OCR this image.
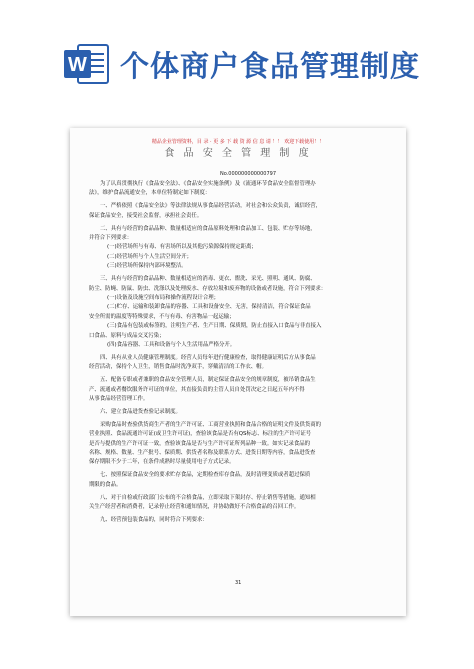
W 个体商户食品管理制度
精品企业管理资料，目 录 · 更 多 下 载 资 源 信 息 请 ！！ 欢迎下载使用！！
食 品 安 全 管 理 制 度
No.000000000000797
为了认真贯彻执行《食品安全法》、《食品安全实施条例》及《流通环节食品安全监督管理办
法》，维护食品流通安全，本单位特制定如下制度：
一、严格依照《食品安全法》等法律法规从事食品经营活动，对社会和公众负责，诚信经营，
保证食品安全，接受社会监督，承担社会责任。
二、具有与经营的食品品种、数量相适应的食品原料处理和食品加工、包装、贮存等场地，
并符合下列要求：
(一)经营场所与有毒、有害场所以及其他污染源保持规定距离；
(二)经营场所与个人生活空间分开；
(三)经营场所保持内部环境整洁。
三、具有与经营的食品品种、数量相适应的消毒、更衣、盥洗、采光、照明、通风、防腐、
防尘、防蝇、防鼠、防虫、洗涤以及处理废水、存放垃圾和废弃物的设备或者设施，符合下列要求：
(一)设备及设施空间布局和操作流程设计合理；
(二)贮存、运输和装卸食品的容器、工具和设备安全、无害，保持清洁，符合保证食品
安全所需的温度等特殊要求，不与有毒、有害物品一起运输；
(三)食品有包装或标签的，注明生产者、生产日期、保质期，防止直接入口食品与非直接入
口食品、原料与成品交叉污染；
(四)食品容器、工具和设备与个人生活用品严格分开。
四、具有从业人员健康管理制度。经营人员每年进行健康检查，取得健康证明后方从事食品
经营活动，保持个人卫生，销售食品时洗净双手，穿戴清洁的工作衣、帽。
五、配备专职或者兼职的食品安全管理人员，制定保证食品安全的规章制度，被吊销食品生
产、流通或者餐饮服务许可证的单位，其直接负责的主管人员自处罚决定之日起五年内不得
从事食品经营管理工作。
六、建立食品进货查验记录制度。
采购食品时查验供货商生产者的生产许可证、工商营业执照和食品合格的证明文件及供货商的
营业执照、食品流通许可证(或卫生许可证)，查验该食品是否有QS标志、标注的生产许可证号
是否与提供的生产许可证一致，查验该食品是否与生产许可证所列品种一致。如实记录食品的
名称、规格、数量、生产批号、保质期、供货者名称及联系方式、进货日期等内容，食品进货查
保存期限不少于二年，在条件成熟时尽量使用电子方式记录。
七、按照保证食品安全的要求贮存食品，定期检查库存食品，及时清理变质或者超过保质
期限的食品。
八、对于自检或行政部门公布的不合格食品，立即采取下架封存、停止销售等措施，通知相
关生产经营者和消费者，记录停止经营和通知情况，并协助做好不合格食品的召回工作。
九、经营预包装食品的，同时符合下列要求：
31
